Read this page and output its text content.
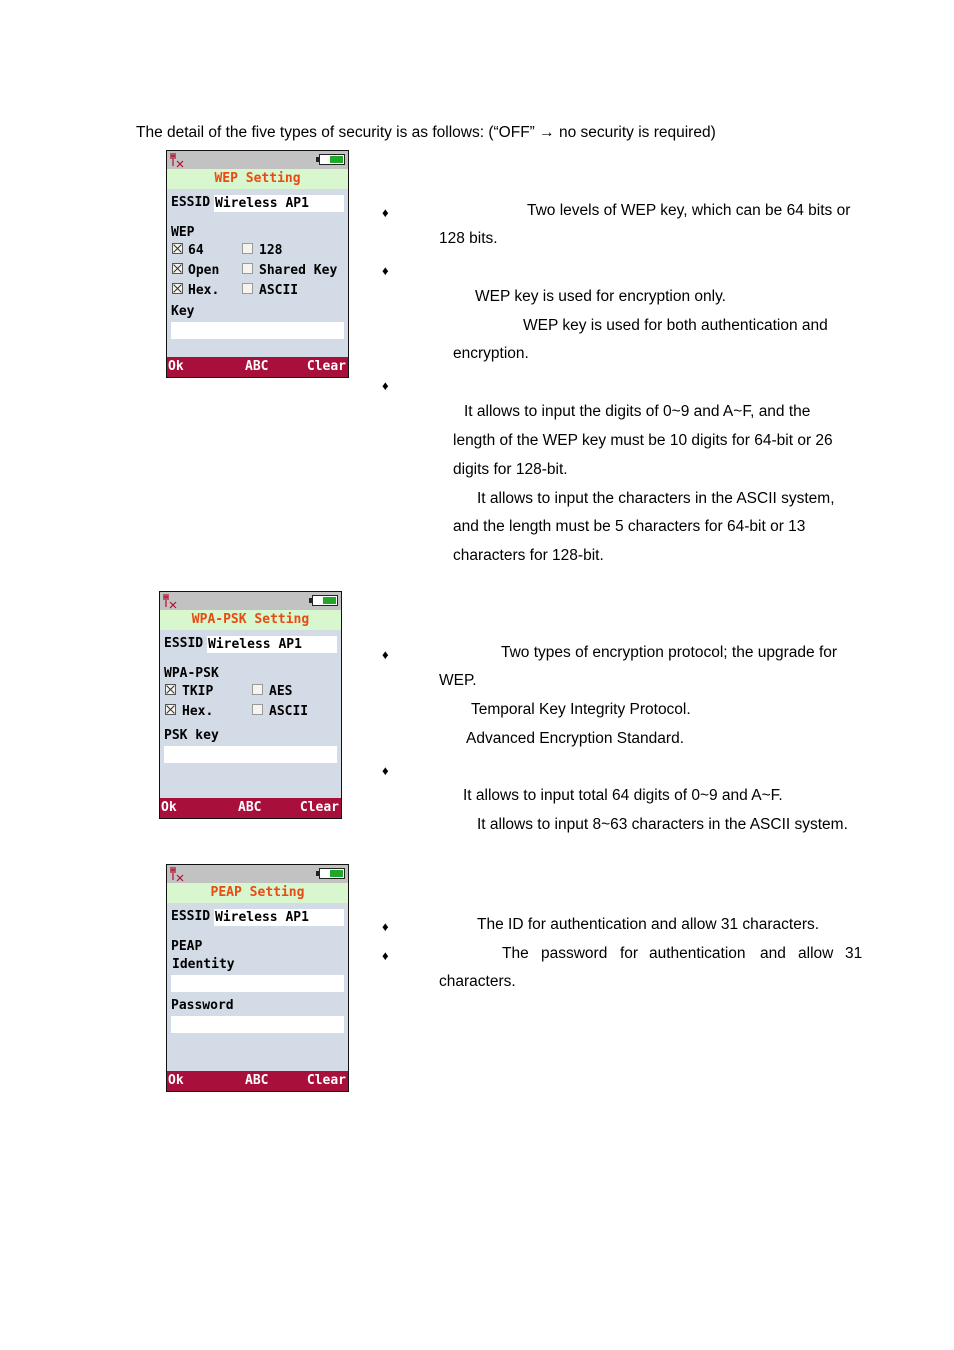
The detail of the five types of security is as follows: (“OFF” → no security is required)
WEP Setting
ESSID Wireless AP1
WEP
64	128
Open	Shared Key
Hex.	ASCII
Key
Ok	ABC	Clear
WPA-PSK Setting
ESSID Wireless AP1
WPA-PSK
TKIP	AES
Hex.	ASCII
PSK key
Ok	ABC	Clear
PEAP Setting
ESSID Wireless AP1
PEAP
Identity
Password
Ok	ABC	Clear
♦	Two levels of WEP key, which can be 64 bits or
128 bits.
♦
WEP key is used for encryption only.
WEP key is used for both authentication and
encryption.
♦
It allows to input the digits of 0~9 and A~F, and the
length of the WEP key must be 10 digits for 64-bit or 26
digits for 128-bit.
It allows to input the characters in the ASCII system,
and the length must be 5 characters for 64-bit or 13
characters for 128-bit.
♦	Two types of encryption protocol; the upgrade for
WEP.
Temporal Key Integrity Protocol.
Advanced Encryption Standard.
♦
It allows to input total 64 digits of 0~9 and A~F.
It allows to input 8~63 characters in the ASCII system.
♦	The ID for authentication and allow 31 characters.
♦	The password for authentication and allow 31
characters.
